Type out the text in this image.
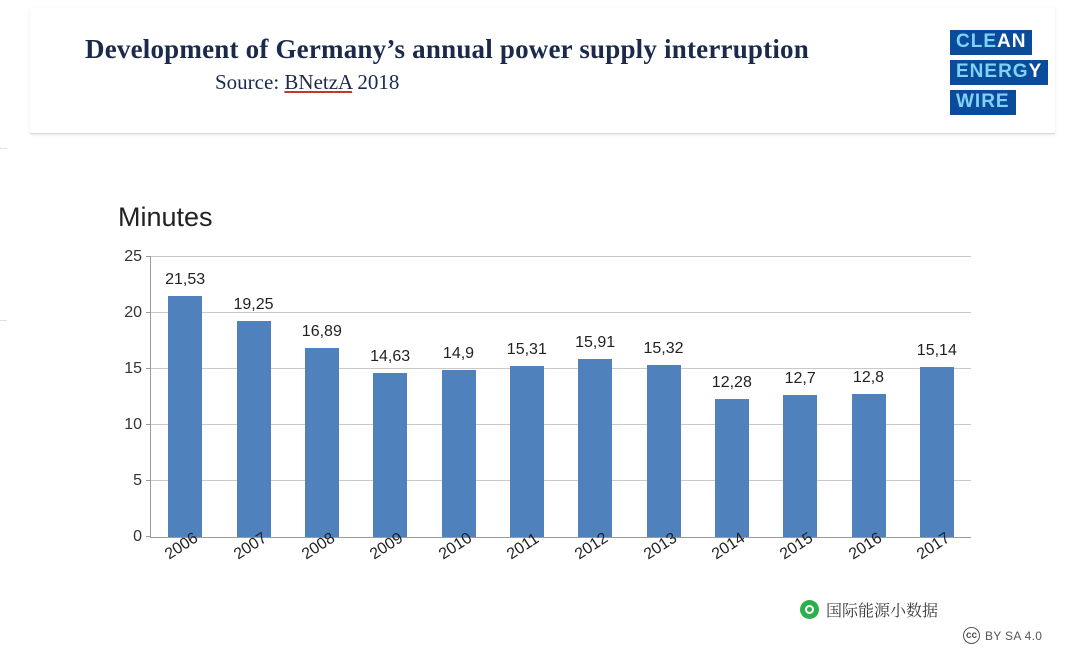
Development of Germany’s annual power supply interruption
Source: BNetzA 2018
CLEAN
ENERGY
WIRE
Minutes
0
5
10
15
20
25
21,53
2006
19,25
2007
16,89
2008
14,63
2009
14,9
2010
15,31
2011
15,91
2012
15,32
2013
12,28
2014
12,7
2015
12,8
2016
15,14
2017
国际能源小数据
cc BY SA 4.0
